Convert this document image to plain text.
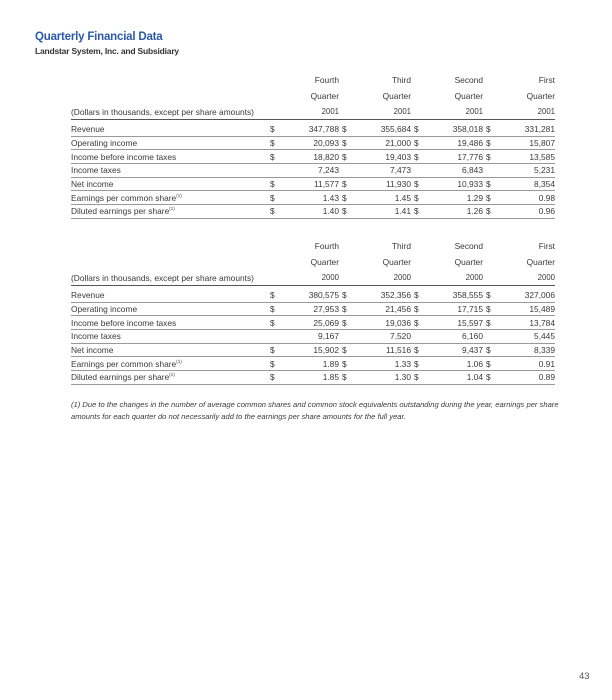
Quarterly Financial Data
Landstar System, Inc. and Subsidiary
	Fourth	Third	Second	First
	Quarter	Quarter	Quarter	Quarter
(Dollars in thousands, except per share amounts)	2001	2001	2001	2001
Revenue	$ 347,788	$ 355,684	$ 358,018	$ 331,281

Operating income	$ 20,093	$ 21,000	$ 19,486	$ 15,807

Income before income taxes	$ 18,820	$ 19,403	$ 17,776	$ 13,585

Income taxes	7,243	7,473	6,843	5,231

Net income	$ 11,577	$ 11,930	$ 10,933	$ 8,354

Earnings per common share$^{(1)}$	$ 1.43	$ 1.45	$ 1.29	$ 0.98

Diluted earnings per share$^{(1)}$	$ 1.40	$ 1.41	$ 1.26	$ 0.96
	Fourth	Third	Second	First
	Quarter	Quarter	Quarter	Quarter
(Dollars in thousands, except per share amounts)	2000	2000	2000	2000
Revenue	$ 380,575	$ 352,356	$ 358,555	$ 327,006

Operating income	$ 27,953	$ 21,456	$ 17,715	$ 15,489

Income before income taxes	$ 25,069	$ 19,036	$ 15,597	$ 13,784

Income taxes	9,167	7,520	6,160	5,445

Net income	$ 15,902	$ 11,516	$ 9,437	$ 8,339

Earnings per common share$^{(1)}$	$ 1.89	$ 1.33	$ 1.06	$ 0.91

Diluted earnings per share$^{(1)}$	$ 1.85	$ 1.30	$ 1.04	$ 0.89
(1) Due to the changes in the number of average common shares and common stock equivalents outstanding during the year, earnings per share amounts for each quarter do not necessarily add to the earnings per share amounts for the full year.
43
